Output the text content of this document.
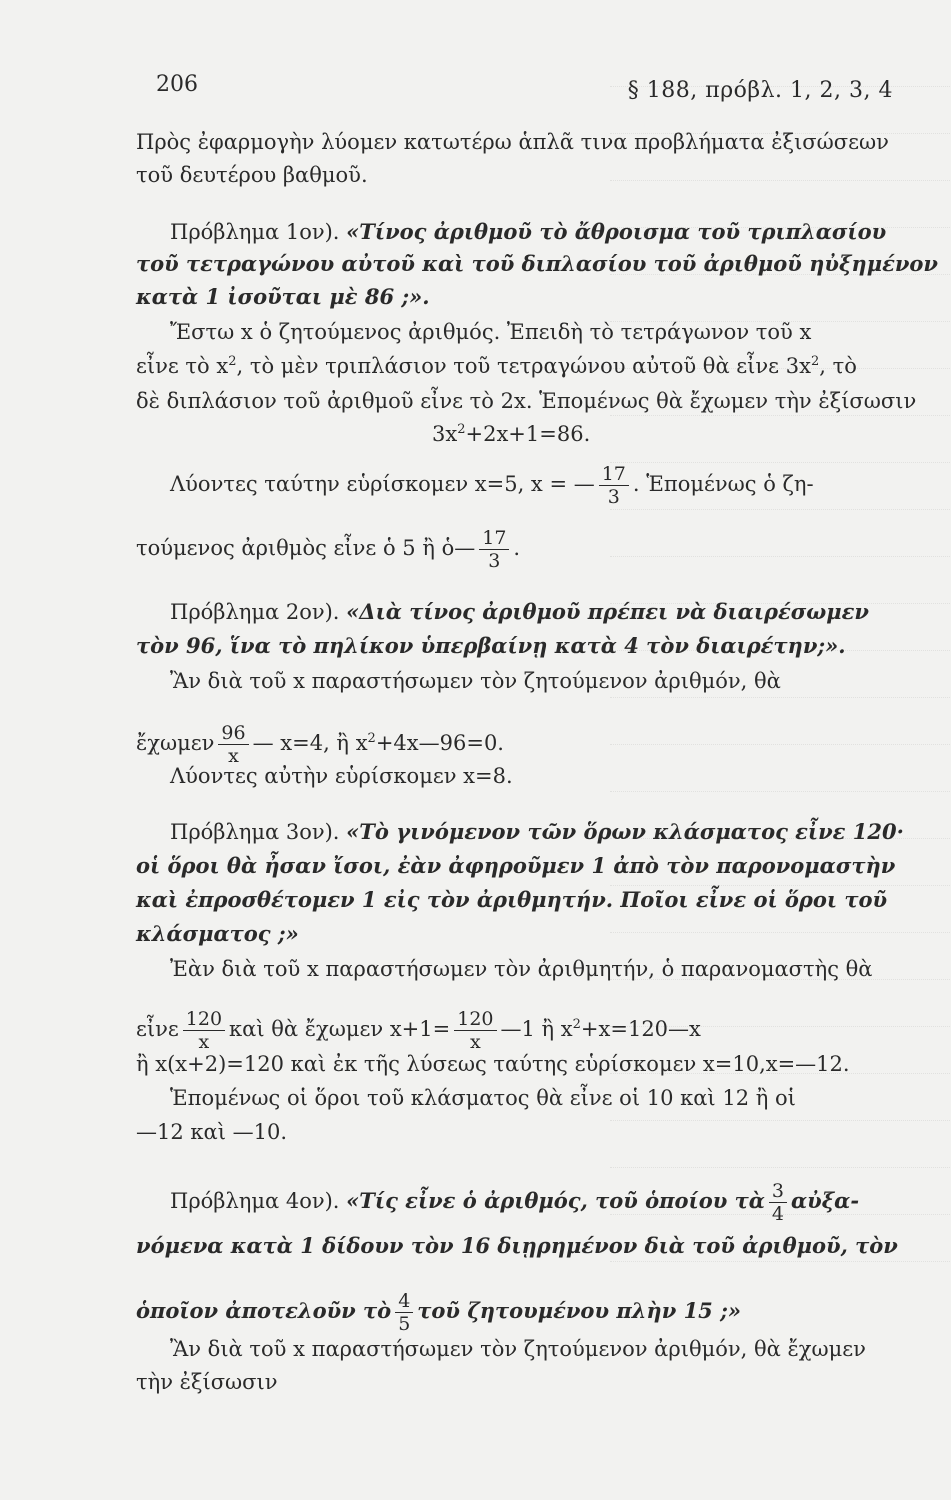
206	§ 188, πρόβλ. 1, 2, 3, 4
Πρὸς ἐφαρμογὴν λύομεν κατωτέρω ἁπλᾶ τινα προβλήματα ἐξισώσεων
τοῦ δευτέρου βαθμοῦ.
Πρόβλημα 1ον). «Τίνος ἀριθμοῦ τὸ ἄθροισμα τοῦ τριπλασίου
τοῦ τετραγώνου αὐτοῦ καὶ τοῦ διπλασίου τοῦ ἀριθμοῦ ηὐξημένον
κατὰ 1 ἰσοῦται μὲ 86 ;».
Ἔστω x ὁ ζητούμενος ἀριθμός. Ἐπειδὴ τὸ τετράγωνον τοῦ x
εἶνε τὸ $x^2$, τὸ μὲν τριπλάσιον τοῦ τετραγώνου αὐτοῦ θὰ εἶνε $3x^2$, τὸ
δὲ διπλάσιον τοῦ ἀριθμοῦ εἶνε τὸ 2x. Ἑπομένως θὰ ἔχωμεν τὴν ἐξίσωσιν
$3x^2+2x+1=86$.
Λύοντες ταύτην εὑρίσκομεν x=5, x = — $\frac{17}{3}$ . Ἑπομένως ὁ ζη-
τούμενος ἀριθμὸς εἶνε ὁ 5 ἢ ὁ— $\frac{17}{3}$ .
Πρόβλημα 2ον). «Διὰ τίνος ἀριθμοῦ πρέπει νὰ διαιρέσωμεν
τὸν 96, ἵνα τὸ πηλίκον ὑπερβαίνῃ κατὰ 4 τὸν διαιρέτην;».
Ἂν διὰ τοῦ x παραστήσωμεν τὸν ζητούμενον ἀριθμόν, θὰ
ἔχωμεν $\frac{96}{x}$ — x=4, ἢ $x^2+4x—96=0$.
Λύοντες αὐτὴν εὑρίσκομεν x=8.
Πρόβλημα 3ον). «Τὸ γινόμενον τῶν ὅρων κλάσματος εἶνε 120·
οἱ ὅροι θὰ ἦσαν ἴσοι, ἐὰν ἀφηροῦμεν 1 ἀπὸ τὸν παρονομαστὴν
καὶ ἐπροσθέτομεν 1 εἰς τὸν ἀριθμητήν. Ποῖοι εἶνε οἱ ὅροι τοῦ
κλάσματος ;»
Ἐὰν διὰ τοῦ x παραστήσωμεν τὸν ἀριθμητήν, ὁ παρανομαστὴς θὰ
εἶνε $\frac{120}{x}$ καὶ θὰ ἔχωμεν $x+1= \frac{120}{x}$ —1 ἢ $x^2+x=120—x$
ἢ x(x+2)=120 καὶ ἐκ τῆς λύσεως ταύτης εὑρίσκομεν x=10,x=—12.
Ἑπομένως οἱ ὅροι τοῦ κλάσματος θὰ εἶνε οἱ 10 καὶ 12 ἢ οἱ
—12 καὶ —10.
Πρόβλημα 4ον). «Τίς εἶνε ὁ ἀριθμός, τοῦ ὁποίου τὰ $\frac{3}{4}$ αὐξα-
νόμενα κατὰ 1 δίδουν τὸν 16 διῃρημένον διὰ τοῦ ἀριθμοῦ, τὸν
ὁποῖον ἀποτελοῦν τὸ $\frac{4}{5}$ τοῦ ζητουμένου πλὴν 15 ;»
Ἂν διὰ τοῦ x παραστήσωμεν τὸν ζητούμενον ἀριθμόν, θὰ ἔχωμεν
τὴν ἐξίσωσιν
